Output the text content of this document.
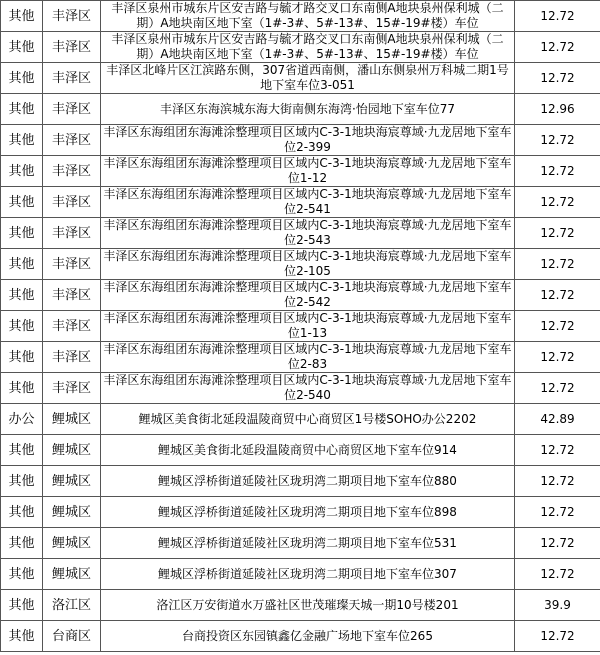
其他	丰泽区	丰泽区泉州市城东片区安吉路与毓才路交叉口东南侧A地块泉州保利城（二期）A地块南区地下室（1#-3#、5#-13#、15#-19#楼）车位	12.72
其他	丰泽区	丰泽区泉州市城东片区安吉路与毓才路交叉口东南侧A地块泉州保利城（二期）A地块南区地下室（1#-3#、5#-13#、15#-19#楼）车位	12.72
其他	丰泽区	丰泽区北峰片区江滨路东侧，307省道西南侧，潘山东侧泉州万科城二期1号地下室车位3-051	12.72
其他	丰泽区	丰泽区东海滨城东海大街南侧东海湾·怡园地下室车位77	12.96
其他	丰泽区	丰泽区东海组团东海滩涂整理项目区域内C-3-1地块海宸尊域·九龙居地下室车位2-399	12.72
其他	丰泽区	丰泽区东海组团东海滩涂整理项目区域内C-3-1地块海宸尊域·九龙居地下室车位1-12	12.72
其他	丰泽区	丰泽区东海组团东海滩涂整理项目区域内C-3-1地块海宸尊域·九龙居地下室车位2-541	12.72
其他	丰泽区	丰泽区东海组团东海滩涂整理项目区域内C-3-1地块海宸尊域·九龙居地下室车位2-543	12.72
其他	丰泽区	丰泽区东海组团东海滩涂整理项目区域内C-3-1地块海宸尊域·九龙居地下室车位2-105	12.72
其他	丰泽区	丰泽区东海组团东海滩涂整理项目区域内C-3-1地块海宸尊域·九龙居地下室车位2-542	12.72
其他	丰泽区	丰泽区东海组团东海滩涂整理项目区域内C-3-1地块海宸尊域·九龙居地下室车位1-13	12.72
其他	丰泽区	丰泽区东海组团东海滩涂整理项目区域内C-3-1地块海宸尊域·九龙居地下室车位2-83	12.72
其他	丰泽区	丰泽区东海组团东海滩涂整理项目区域内C-3-1地块海宸尊域·九龙居地下室车位2-540	12.72
办公	鲤城区	鲤城区美食街北延段温陵商贸中心商贸区1号楼SOHO办公2202	42.89
其他	鲤城区	鲤城区美食街北延段温陵商贸中心商贸区地下室车位914	12.72
其他	鲤城区	鲤城区浮桥街道延陵社区珑玥湾二期项目地下室车位880	12.72
其他	鲤城区	鲤城区浮桥街道延陵社区珑玥湾二期项目地下室车位898	12.72
其他	鲤城区	鲤城区浮桥街道延陵社区珑玥湾二期项目地下室车位531	12.72
其他	鲤城区	鲤城区浮桥街道延陵社区珑玥湾二期项目地下室车位307	12.72
其他	洛江区	洛江区万安街道水万盛社区世茂璀璨天城一期10号楼201	39.9
其他	台商区	台商投资区东园镇鑫亿金融广场地下室车位265	12.72
